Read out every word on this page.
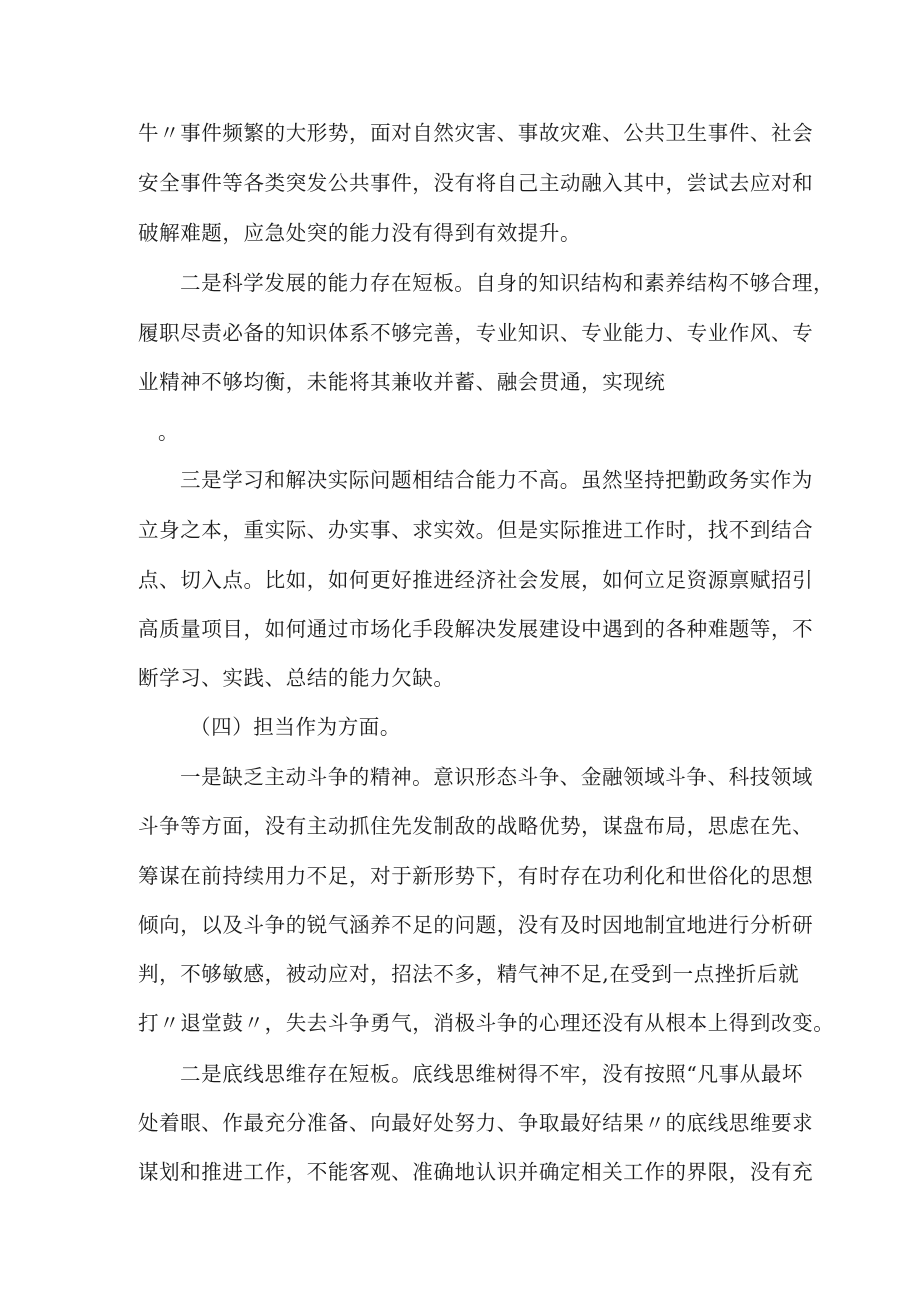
牛〃事件频繁的大形势，面对自然灾害、事故灾难、公共卫生事件、社会
安全事件等各类突发公共事件，没有将自己主动融入其中，尝试去应对和
破解难题，应急处突的能力没有得到有效提升。
二是科学发展的能力存在短板。自身的知识结构和素养结构不够合理，
履职尽责必备的知识体系不够完善，专业知识、专业能力、专业作风、专
业精神不够均衡，未能将其兼收并蓄、融会贯通，实现统
。
三是学习和解决实际问题相结合能力不高。虽然坚持把勤政务实作为
立身之本，重实际、办实事、求实效。但是实际推进工作时，找不到结合
点、切入点。比如，如何更好推进经济社会发展，如何立足资源禀赋招引
高质量项目，如何通过市场化手段解决发展建设中遇到的各种难题等，不
断学习、实践、总结的能力欠缺。
（四）担当作为方面。
一是缺乏主动斗争的精神。意识形态斗争、金融领域斗争、科技领域
斗争等方面，没有主动抓住先发制敌的战略优势，谋盘布局，思虑在先、
筹谋在前持续用力不足，对于新形势下，有时存在功利化和世俗化的思想
倾向，以及斗争的锐气涵养不足的问题，没有及时因地制宜地进行分析研
判，不够敏感，被动应对，招法不多，精气神不足,在受到一点挫折后就
打〃退堂鼓〃，失去斗争勇气，消极斗争的心理还没有从根本上得到改变。
二是底线思维存在短板。底线思维树得不牢，没有按照“凡事从最坏
处着眼、作最充分准备、向最好处努力、争取最好结果〃的底线思维要求
谋划和推进工作，不能客观、准确地认识并确定相关工作的界限，没有充
